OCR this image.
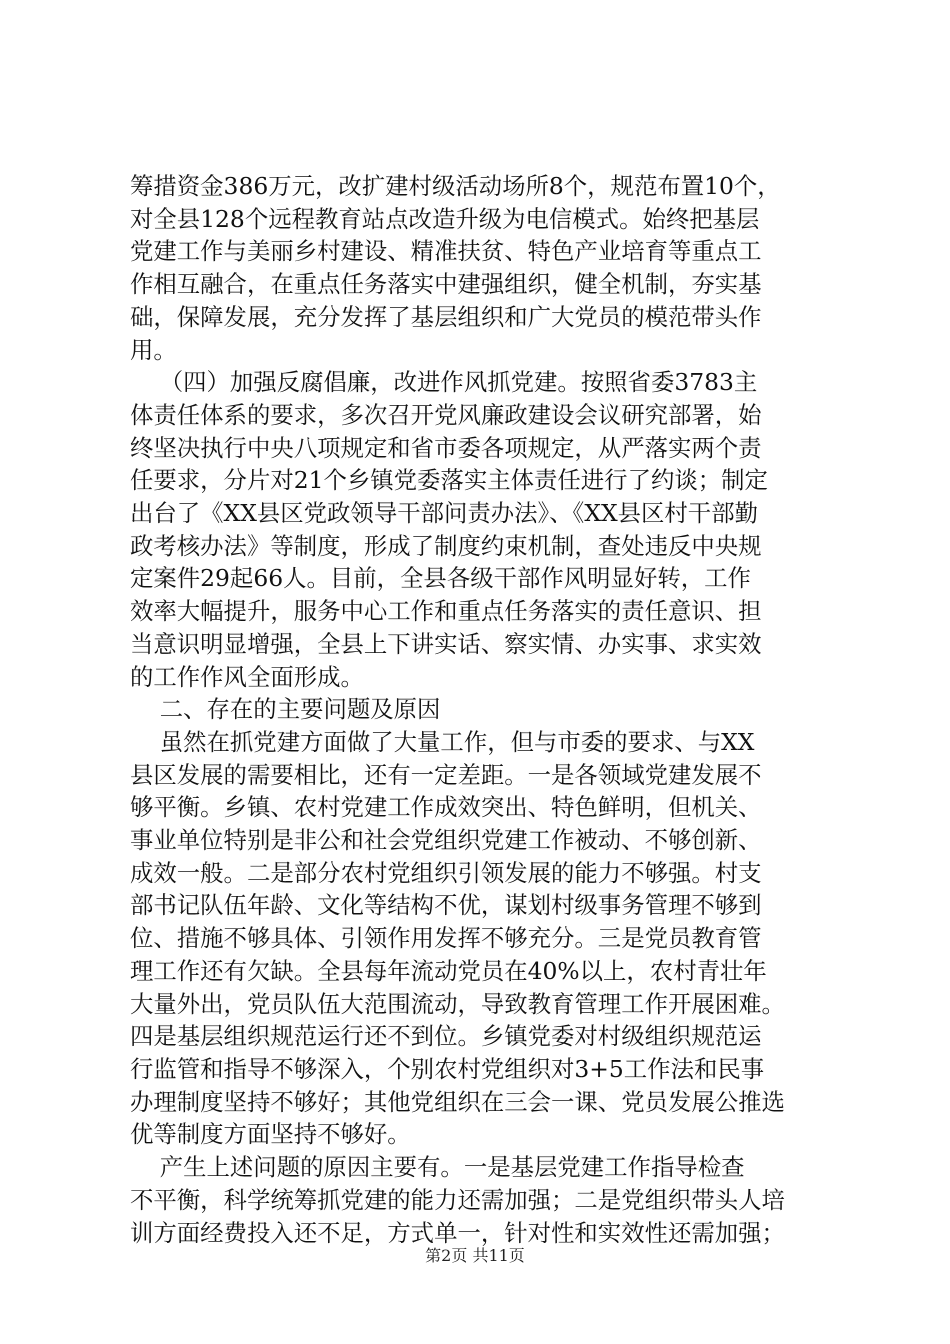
筹措资金386万元，改扩建村级活动场所8个，规范布置10个，
对全县128个远程教育站点改造升级为电信模式。始终把基层
党建工作与美丽乡村建设、精准扶贫、特色产业培育等重点工
作相互融合，在重点任务落实中建强组织，健全机制，夯实基
础，保障发展，充分发挥了基层组织和广大党员的模范带头作
用。
（四）加强反腐倡廉，改进作风抓党建。按照省委3783主
体责任体系的要求，多次召开党风廉政建设会议研究部署，始
终坚决执行中央八项规定和省市委各项规定，从严落实两个责
任要求，分片对21个乡镇党委落实主体责任进行了约谈；制定
出台了《XX县区党政领导干部问责办法》、《XX县区村干部勤
政考核办法》等制度，形成了制度约束机制，查处违反中央规
定案件29起66人。目前，全县各级干部作风明显好转，工作
效率大幅提升，服务中心工作和重点任务落实的责任意识、担
当意识明显增强，全县上下讲实话、察实情、办实事、求实效
的工作作风全面形成。
二、存在的主要问题及原因
虽然在抓党建方面做了大量工作，但与市委的要求、与XX
县区发展的需要相比，还有一定差距。一是各领域党建发展不
够平衡。乡镇、农村党建工作成效突出、特色鲜明，但机关、
事业单位特别是非公和社会党组织党建工作被动、不够创新、
成效一般。二是部分农村党组织引领发展的能力不够强。村支
部书记队伍年龄、文化等结构不优，谋划村级事务管理不够到
位、措施不够具体、引领作用发挥不够充分。三是党员教育管
理工作还有欠缺。全县每年流动党员在40%以上，农村青壮年
大量外出，党员队伍大范围流动，导致教育管理工作开展困难。
四是基层组织规范运行还不到位。乡镇党委对村级组织规范运
行监管和指导不够深入，个别农村党组织对3+5工作法和民事
办理制度坚持不够好；其他党组织在三会一课、党员发展公推选
优等制度方面坚持不够好。
产生上述问题的原因主要有。一是基层党建工作指导检查
不平衡，科学统筹抓党建的能力还需加强；二是党组织带头人培
训方面经费投入还不足，方式单一，针对性和实效性还需加强；
第2页 共11页
